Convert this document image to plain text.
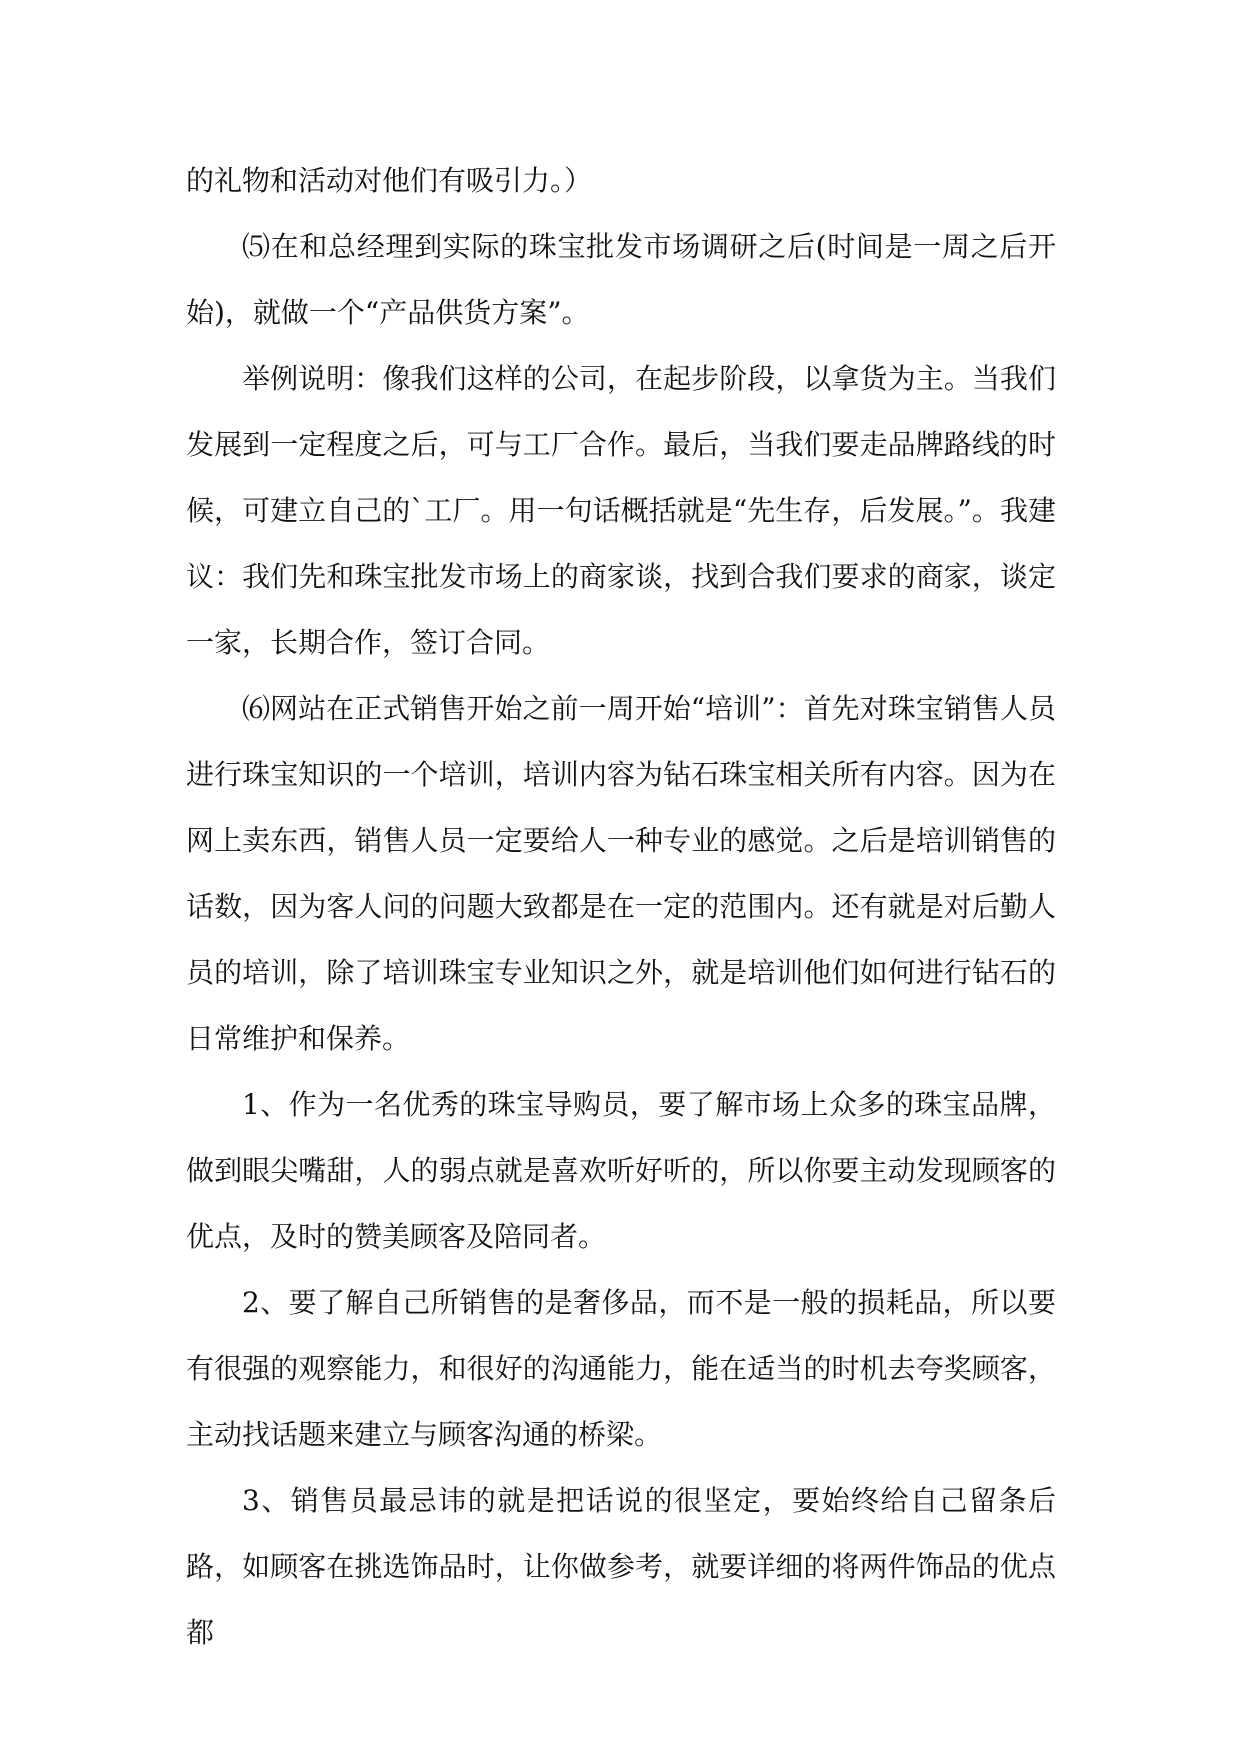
的礼物和活动对他们有吸引力。）

⑸在和总经理到实际的珠宝批发市场调研之后(时间是一周之后开始)，就做一个“产品供货方案”。

举例说明：像我们这样的公司，在起步阶段，以拿货为主。当我们发展到一定程度之后，可与工厂合作。最后，当我们要走品牌路线的时候，可建立自己的`工厂。用一句话概括就是“先生存，后发展。”。我建议：我们先和珠宝批发市场上的商家谈，找到合我们要求的商家，谈定一家，长期合作，签订合同。

⑹网站在正式销售开始之前一周开始“培训”：首先对珠宝销售人员进行珠宝知识的一个培训，培训内容为钻石珠宝相关所有内容。因为在网上卖东西，销售人员一定要给人一种专业的感觉。之后是培训销售的话数，因为客人问的问题大致都是在一定的范围内。还有就是对后勤人员的培训，除了培训珠宝专业知识之外，就是培训他们如何进行钻石的日常维护和保养。

1、作为一名优秀的珠宝导购员，要了解市场上众多的珠宝品牌，做到眼尖嘴甜，人的弱点就是喜欢听好听的，所以你要主动发现顾客的优点，及时的赞美顾客及陪同者。

2、要了解自己所销售的是奢侈品，而不是一般的损耗品，所以要有很强的观察能力，和很好的沟通能力，能在适当的时机去夸奖顾客，主动找话题来建立与顾客沟通的桥梁。

3、销售员最忌讳的就是把话说的很坚定，要始终给自己留条后路，如顾客在挑选饰品时，让你做参考，就要详细的将两件饰品的优点都
